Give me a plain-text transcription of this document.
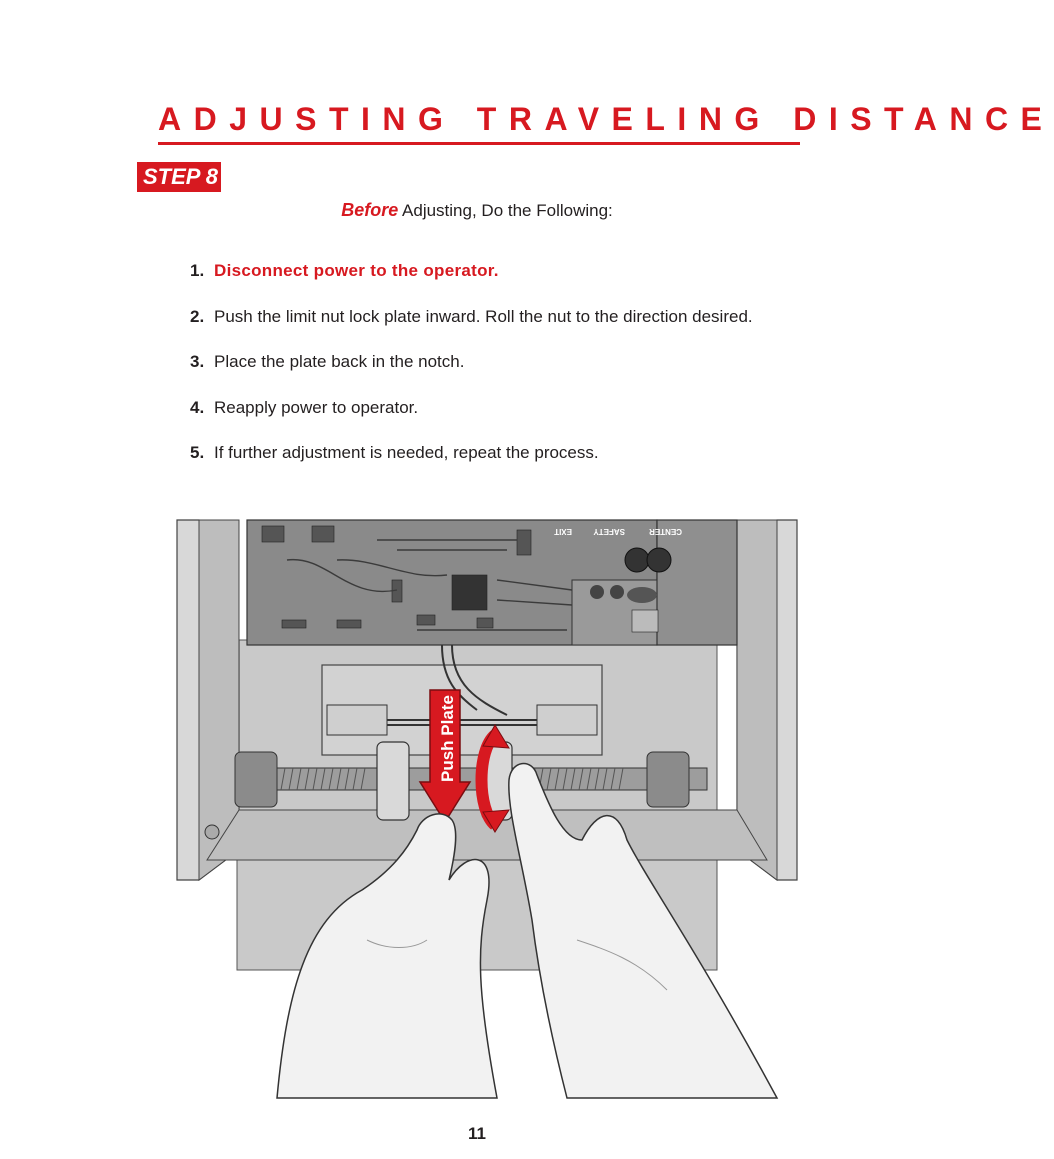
ADJUSTING TRAVELING DISTANCE
STEP 8
Before Adjusting, Do the Following:
1. Disconnect power to the operator.
2. Push the limit nut lock plate inward. Roll the nut to the direction desired.
3. Place the plate back in the notch.
4. Reapply power to operator.
5. If further adjustment is needed, repeat the process.
CENTER
SAFETY
EXIT
Push Plate
11
